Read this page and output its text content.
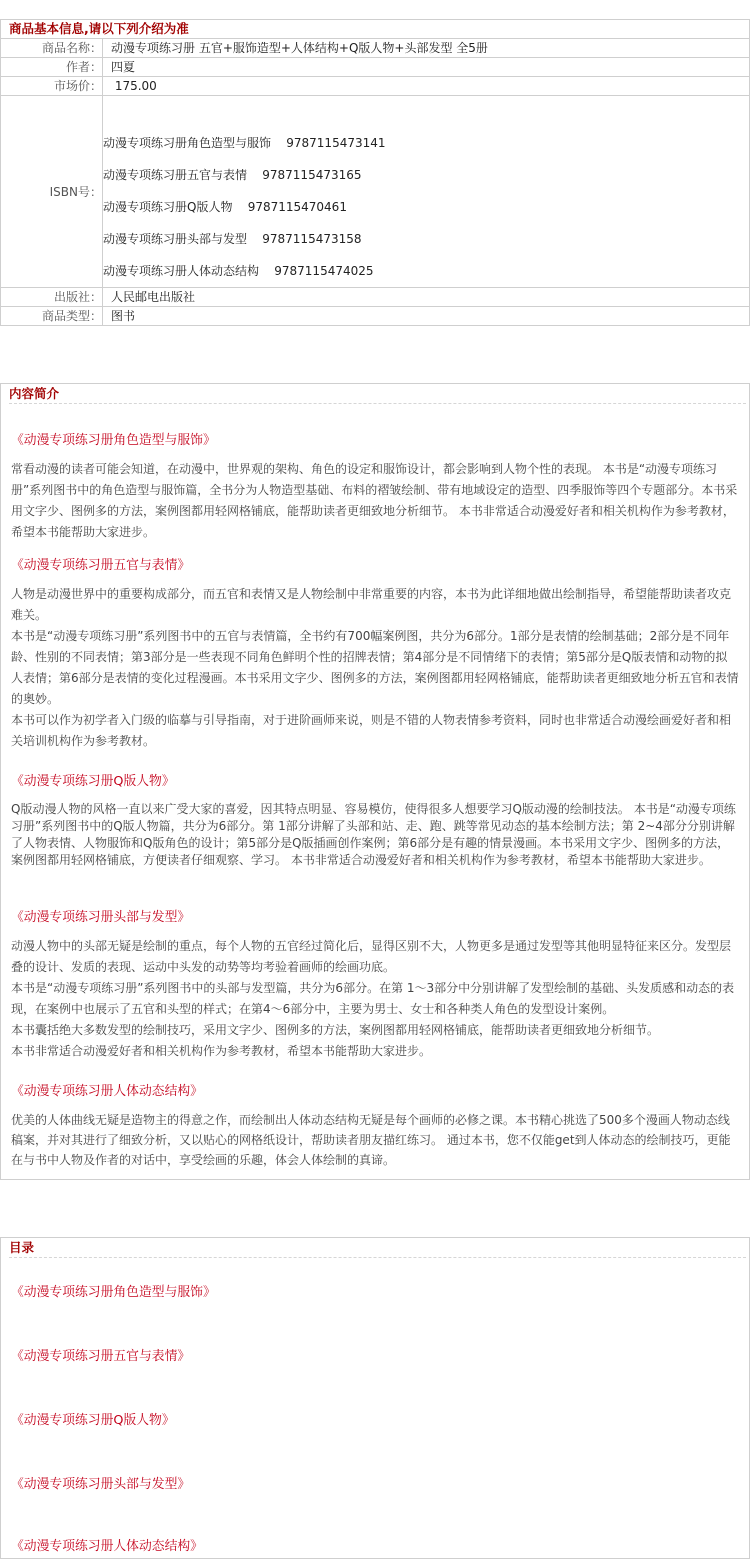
商品基本信息,请以下列介绍为准
商品名称： 动漫专项练习册 五官+服饰造型+人体结构+Q版人物+头部发型 全5册
作者： 四夏
市场价： 175.00
ISBN号：
动漫专项练习册角色造型与服饰    9787115473141
动漫专项练习册五官与表情    9787115473165
动漫专项练习册Q版人物    9787115470461
动漫专项练习册头部与发型    9787115473158
动漫专项练习册人体动态结构    9787115474025
出版社： 人民邮电出版社
商品类型： 图书
内容简介
《动漫专项练习册角色造型与服饰》

常看动漫的读者可能会知道，在动漫中，世界观的架构、角色的设定和服饰设计，都会影响到人物个性的表现。 本书是“动漫专项练习册”系列图书中的角色造型与服饰篇，全书分为人物造型基础、布料的褶皱绘制、带有地域设定的造型、四季服饰等四个专题部分。本书采用文字少、图例多的方法，案例图都用轻网格铺底，能帮助读者更细致地分析细节。 本书非常适合动漫爱好者和相关机构作为参考教材，希望本书能帮助大家进步。

《动漫专项练习册五官与表情》

人物是动漫世界中的重要构成部分，而五官和表情又是人物绘制中非常重要的内容，本书为此详细地做出绘制指导，希望能帮助读者攻克难关。

本书是“动漫专项练习册”系列图书中的五官与表情篇，全书约有700幅案例图，共分为6部分。1部分是表情的绘制基础；2部分是不同年龄、性别的不同表情；第3部分是一些表现不同角色鲜明个性的招牌表情；第4部分是不同情绪下的表情；第5部分是Q版表情和动物的拟人表情；第6部分是表情的变化过程漫画。本书采用文字少、图例多的方法，案例图都用轻网格铺底，能帮助读者更细致地分析五官和表情的奥妙。

本书可以作为初学者入门级的临摹与引导指南，对于进阶画师来说，则是不错的人物表情参考资料，同时也非常适合动漫绘画爱好者和相关培训机构作为参考教材。

《动漫专项练习册Q版人物》

Q版动漫人物的风格一直以来广受大家的喜爱，因其特点明显、容易模仿，使得很多人想要学习Q版动漫的绘制技法。 本书是“动漫专项练习册”系列图书中的Q版人物篇，共分为6部分。第 1部分讲解了头部和站、走、跑、跳等常见动态的基本绘制方法；第 2~4部分分别讲解了人物表情、人物服饰和Q版角色的设计；第5部分是Q版插画创作案例；第6部分是有趣的情景漫画。本书采用文字少、图例多的方法，案例图都用轻网格铺底，方便读者仔细观察、学习。 本书非常适合动漫爱好者和相关机构作为参考教材，希望本书能帮助大家进步。

《动漫专项练习册头部与发型》

动漫人物中的头部无疑是绘制的重点，每个人物的五官经过简化后，显得区别不大，人物更多是通过发型等其他明显特征来区分。发型层叠的设计、发质的表现、运动中头发的动势等均考验着画师的绘画功底。

本书是“动漫专项练习册”系列图书中的头部与发型篇，共分为6部分。在第 1～3部分中分别讲解了发型绘制的基础、头发质感和动态的表现，在案例中也展示了五官和头型的样式；在第4～6部分中，主要为男士、女士和各种类人角色的发型设计案例。

本书囊括绝大多数发型的绘制技巧，采用文字少、图例多的方法，案例图都用轻网格铺底，能帮助读者更细致地分析细节。

本书非常适合动漫爱好者和相关机构作为参考教材，希望本书能帮助大家进步。

《动漫专项练习册人体动态结构》

优美的人体曲线无疑是造物主的得意之作，而绘制出人体动态结构无疑是每个画师的必修之课。本书精心挑选了500多个漫画人物动态线稿案，并对其进行了细致分析，又以贴心的网格纸设计，帮助读者朋友描红练习。 通过本书，您不仅能get到人体动态的绘制技巧，更能在与书中人物及作者的对话中，享受绘画的乐趣，体会人体绘制的真谛。

目录
《动漫专项练习册角色造型与服饰》
《动漫专项练习册五官与表情》
《动漫专项练习册Q版人物》
《动漫专项练习册头部与发型》
《动漫专项练习册人体动态结构》
